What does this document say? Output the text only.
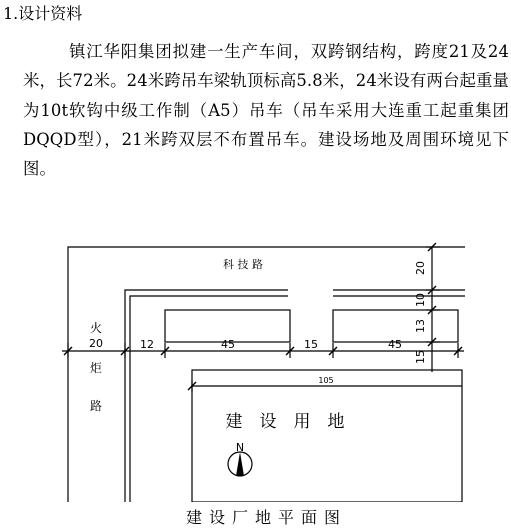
1.设计资料
镇江华阳集团拟建一生产车间，双跨钢结构，跨度21及24米，长72米。24米跨吊车梁轨顶标高5.8米，24米设有两台起重量为10t软钩中级工作制（A5）吊车（吊车采用大连重工起重集团DQQD型），21米跨双层不布置吊车。建设场地及周围环境见下图。
科 技 路
火
20
炬
路
12	45	15	45
105
20
10
13
15
建　设　用　地
N
建设厂地平面图
